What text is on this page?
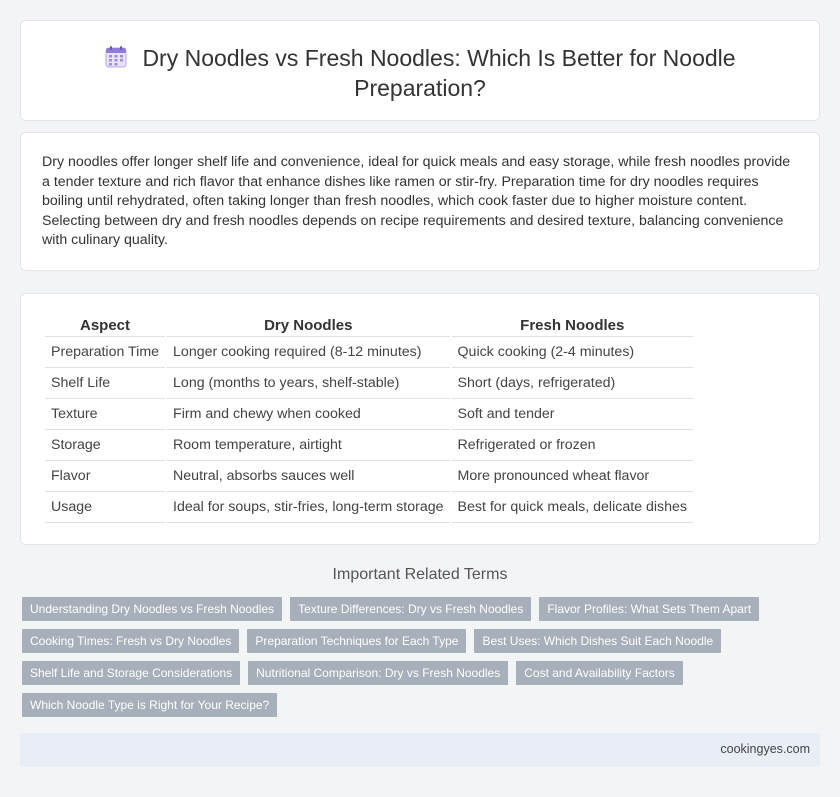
Dry Noodles vs Fresh Noodles: Which Is Better for Noodle Preparation?

Dry noodles offer longer shelf life and convenience, ideal for quick meals and easy storage, while fresh noodles provide a tender texture and rich flavor that enhance dishes like ramen or stir-fry. Preparation time for dry noodles requires boiling until rehydrated, often taking longer than fresh noodles, which cook faster due to higher moisture content. Selecting between dry and fresh noodles depends on recipe requirements and desired texture, balancing convenience with culinary quality.

Aspect	Dry Noodles	Fresh Noodles
Preparation Time	Longer cooking required (8-12 minutes)	Quick cooking (2-4 minutes)
Shelf Life	Long (months to years, shelf-stable)	Short (days, refrigerated)
Texture	Firm and chewy when cooked	Soft and tender
Storage	Room temperature, airtight	Refrigerated or frozen
Flavor	Neutral, absorbs sauces well	More pronounced wheat flavor
Usage	Ideal for soups, stir-fries, long-term storage	Best for quick meals, delicate dishes
Important Related Terms
Understanding Dry Noodles vs Fresh Noodles	Texture Differences: Dry vs Fresh Noodles	Flavor Profiles: What Sets Them Apart
Cooking Times: Fresh vs Dry Noodles	Preparation Techniques for Each Type	Best Uses: Which Dishes Suit Each Noodle
Shelf Life and Storage Considerations	Nutritional Comparison: Dry vs Fresh Noodles	Cost and Availability Factors
Which Noodle Type is Right for Your Recipe?
cookingyes.com
